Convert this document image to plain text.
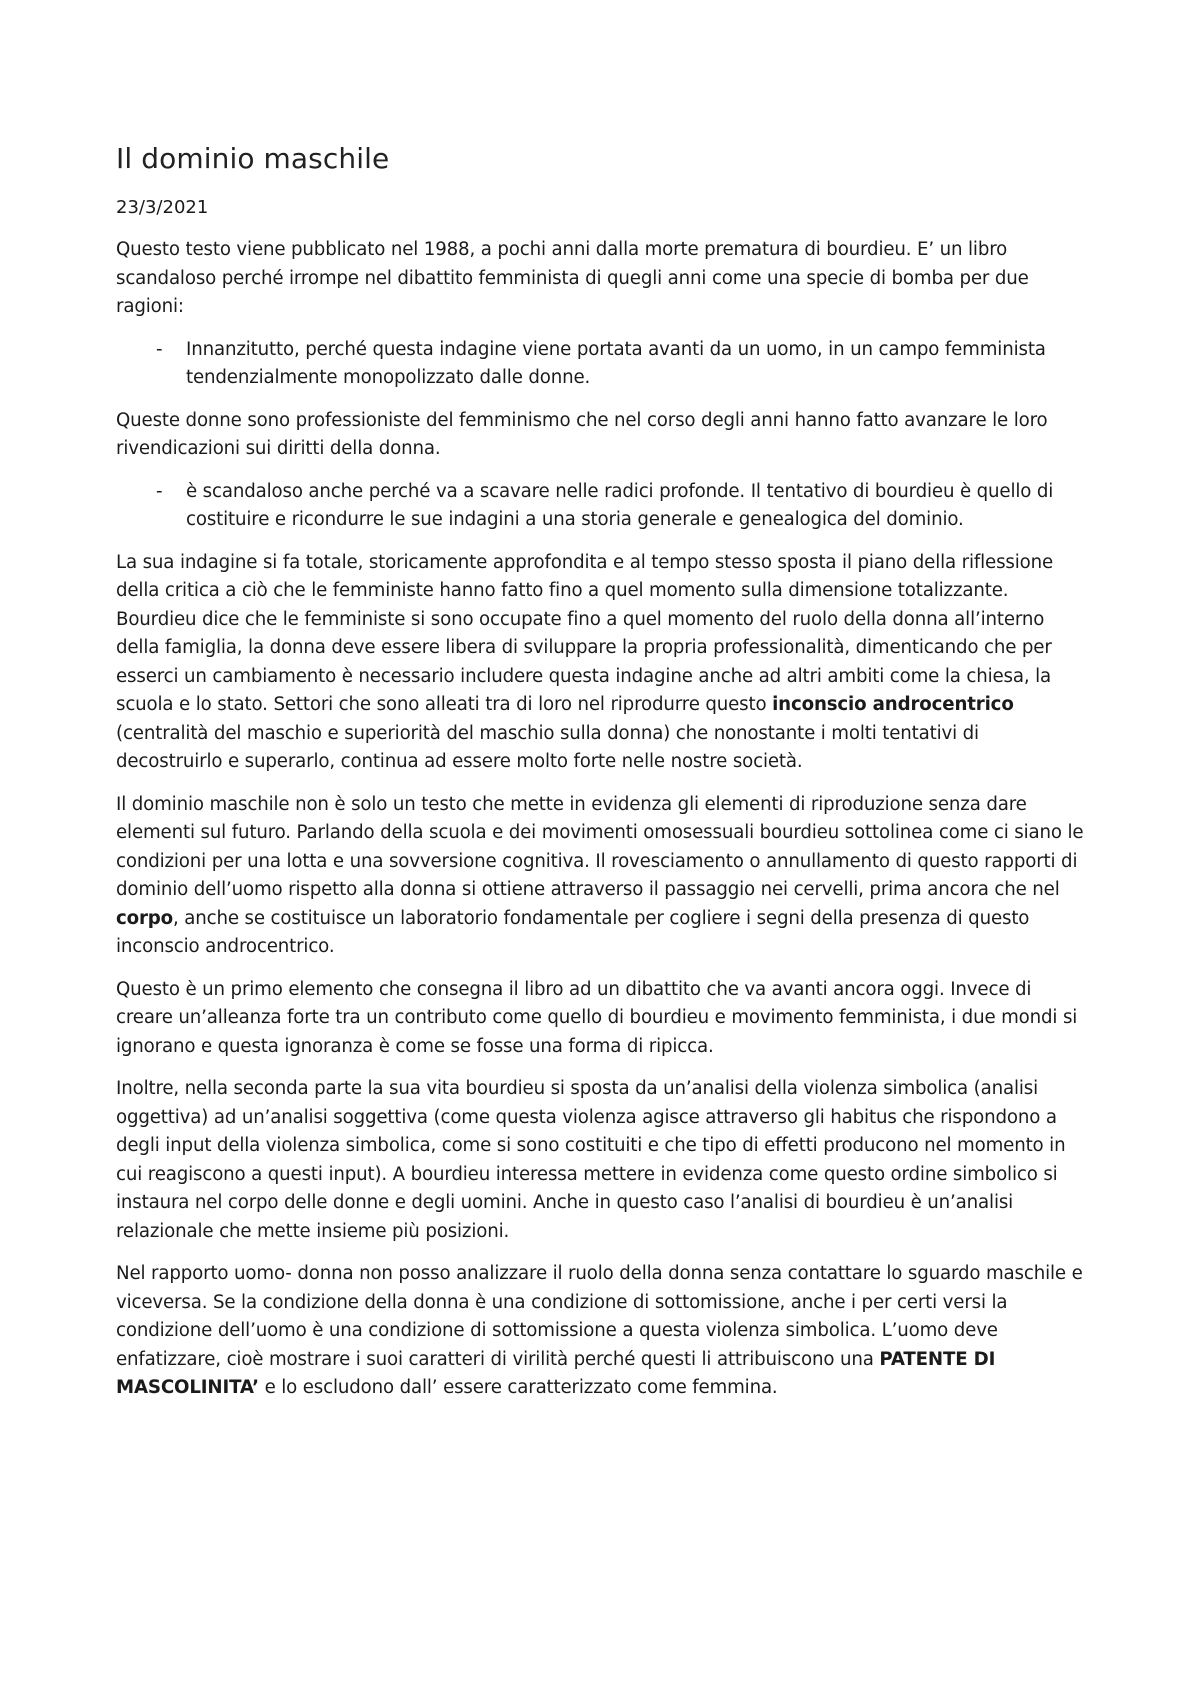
Il dominio maschile
23/3/2021

Questo testo viene pubblicato nel 1988, a pochi anni dalla morte prematura di bourdieu. E’ un libro scandaloso perché irrompe nel dibattito femminista di quegli anni come una specie di bomba per due ragioni:

-	Innanzitutto, perché questa indagine viene portata avanti da un uomo, in un campo femminista tendenzialmente monopolizzato dalle donne.

Queste donne sono professioniste del femminismo che nel corso degli anni hanno fatto avanzare le loro rivendicazioni sui diritti della donna.

-	è scandaloso anche perché va a scavare nelle radici profonde. Il tentativo di bourdieu è quello di costituire e ricondurre le sue indagini a una storia generale e genealogica del dominio.

La sua indagine si fa totale, storicamente approfondita e al tempo stesso sposta il piano della riflessione della critica a ciò che le femministe hanno fatto fino a quel momento sulla dimensione totalizzante. Bourdieu dice che le femministe si sono occupate fino a quel momento del ruolo della donna all’interno della famiglia, la donna deve essere libera di sviluppare la propria professionalità, dimenticando che per esserci un cambiamento è necessario includere questa indagine anche ad altri ambiti come la chiesa, la scuola e lo stato. Settori che sono alleati tra di loro nel riprodurre questo inconscio androcentrico (centralità del maschio e superiorità del maschio sulla donna) che nonostante i molti tentativi di decostruirlo e superarlo, continua ad essere molto forte nelle nostre società.

Il dominio maschile non è solo un testo che mette in evidenza gli elementi di riproduzione senza dare elementi sul futuro. Parlando della scuola e dei movimenti omosessuali bourdieu sottolinea come ci siano le condizioni per una lotta e una sovversione cognitiva. Il rovesciamento o annullamento di questo rapporti di dominio dell’uomo rispetto alla donna si ottiene attraverso il passaggio nei cervelli, prima ancora che nel corpo, anche se costituisce un laboratorio fondamentale per cogliere i segni della presenza di questo inconscio androcentrico.

Questo è un primo elemento che consegna il libro ad un dibattito che va avanti ancora oggi. Invece di creare un’alleanza forte tra un contributo come quello di bourdieu e movimento femminista, i due mondi si ignorano e questa ignoranza è come se fosse una forma di ripicca.

Inoltre, nella seconda parte la sua vita bourdieu si sposta da un’analisi della violenza simbolica (analisi oggettiva) ad un’analisi soggettiva (come questa violenza agisce attraverso gli habitus che rispondono a degli input della violenza simbolica, come si sono costituiti e che tipo di effetti producono nel momento in cui reagiscono a questi input). A bourdieu interessa mettere in evidenza come questo ordine simbolico si instaura nel corpo delle donne e degli uomini. Anche in questo caso l’analisi di bourdieu è un’analisi relazionale che mette insieme più posizioni.

Nel rapporto uomo- donna non posso analizzare il ruolo della donna senza contattare lo sguardo maschile e viceversa. Se la condizione della donna è una condizione di sottomissione, anche i per certi versi la condizione dell’uomo è una condizione di sottomissione a questa violenza simbolica. L’uomo deve enfatizzare, cioè mostrare i suoi caratteri di virilità perché questi li attribuiscono una PATENTE DI MASCOLINITA’ e lo escludono dall’ essere caratterizzato come femmina.
